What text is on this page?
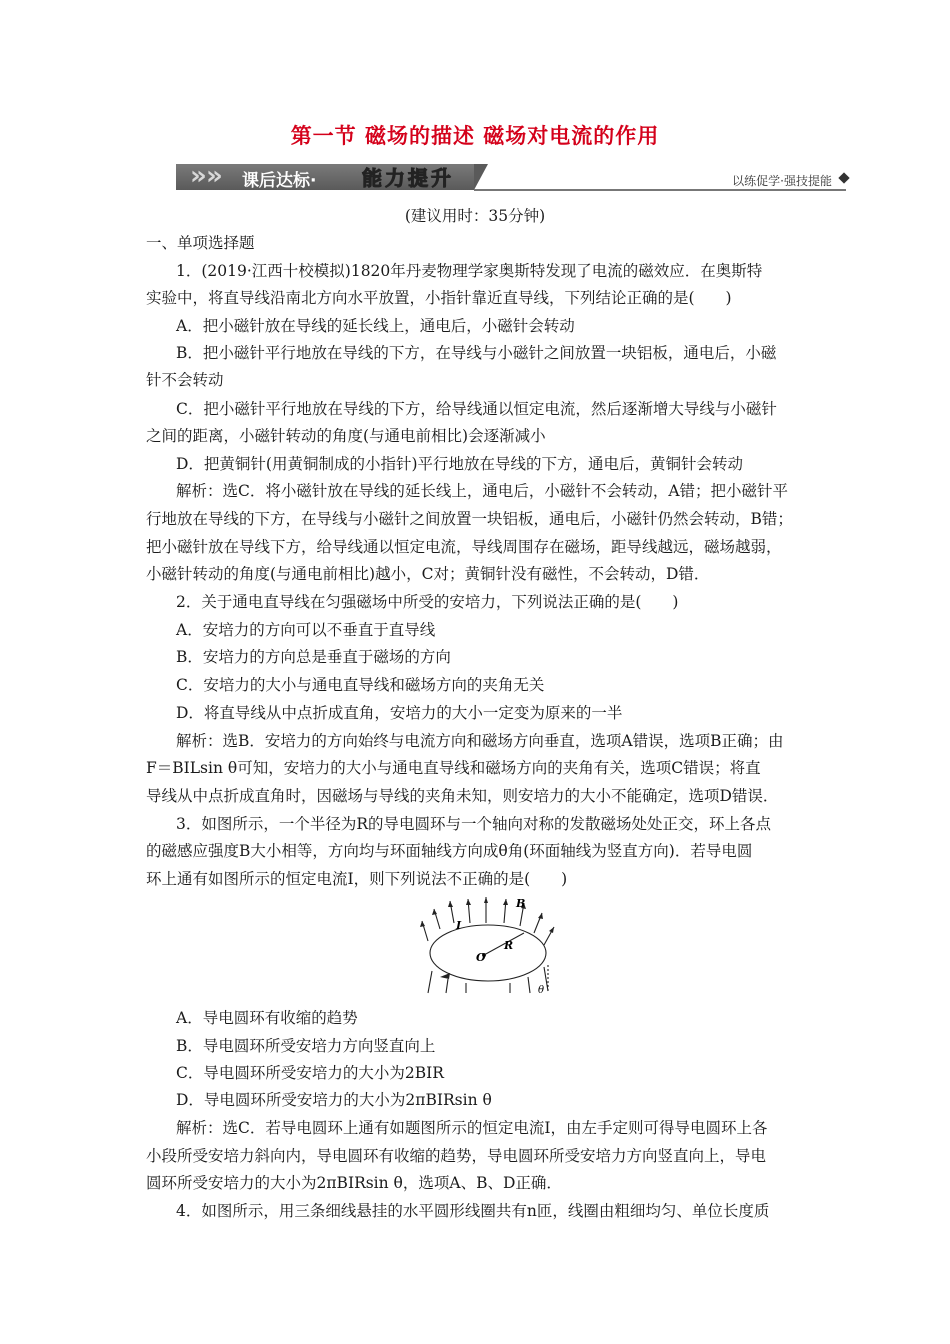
第一节 磁场的描述 磁场对电流的作用
» » 课后达标· 能力提升	以练促学·强技提能
(建议用时：35分钟)
一、单项选择题
1．(2019·江西十校模拟)1820年丹麦物理学家奥斯特发现了电流的磁效应．在奥斯特
实验中，将直导线沿南北方向水平放置，小指针靠近直导线，下列结论正确的是(　　)
A．把小磁针放在导线的延长线上，通电后，小磁针会转动
B．把小磁针平行地放在导线的下方，在导线与小磁针之间放置一块铝板，通电后，小磁
针不会转动
C．把小磁针平行地放在导线的下方，给导线通以恒定电流，然后逐渐增大导线与小磁针
之间的距离，小磁针转动的角度(与通电前相比)会逐渐减小
D．把黄铜针(用黄铜制成的小指针)平行地放在导线的下方，通电后，黄铜针会转动
解析：选C．将小磁针放在导线的延长线上，通电后，小磁针不会转动，A错；把小磁针平
行地放在导线的下方，在导线与小磁针之间放置一块铝板，通电后，小磁针仍然会转动，B错；
把小磁针放在导线下方，给导线通以恒定电流，导线周围存在磁场，距导线越远，磁场越弱，
小磁针转动的角度(与通电前相比)越小，C对；黄铜针没有磁性，不会转动，D错．
2．关于通电直导线在匀强磁场中所受的安培力，下列说法正确的是(　　)
A．安培力的方向可以不垂直于直导线
B．安培力的方向总是垂直于磁场的方向
C．安培力的大小与通电直导线和磁场方向的夹角无关
D．将直导线从中点折成直角，安培力的大小一定变为原来的一半
解析：选B．安培力的方向始终与电流方向和磁场方向垂直，选项A错误，选项B正确；由
F＝BILsin θ可知，安培力的大小与通电直导线和磁场方向的夹角有关，选项C错误；将直
导线从中点折成直角时，因磁场与导线的夹角未知，则安培力的大小不能确定，选项D错误．
3．如图所示，一个半径为R的导电圆环与一个轴向对称的发散磁场处处正交，环上各点
的磁感应强度B大小相等，方向均与环面轴线方向成θ角(环面轴线为竖直方向)．若导电圆
环上通有如图所示的恒定电流I，则下列说法不正确的是(　　)
I
B
O
R
θ
A．导电圆环有收缩的趋势
B．导电圆环所受安培力方向竖直向上
C．导电圆环所受安培力的大小为2BIR
D．导电圆环所受安培力的大小为2πBIRsin θ
解析：选C．若导电圆环上通有如题图所示的恒定电流I，由左手定则可得导电圆环上各
小段所受安培力斜向内，导电圆环有收缩的趋势，导电圆环所受安培力方向竖直向上，导电
圆环所受安培力的大小为2πBIRsin θ，选项A、B、D正确．
4．如图所示，用三条细线悬挂的水平圆形线圈共有n匝，线圈由粗细均匀、单位长度质
